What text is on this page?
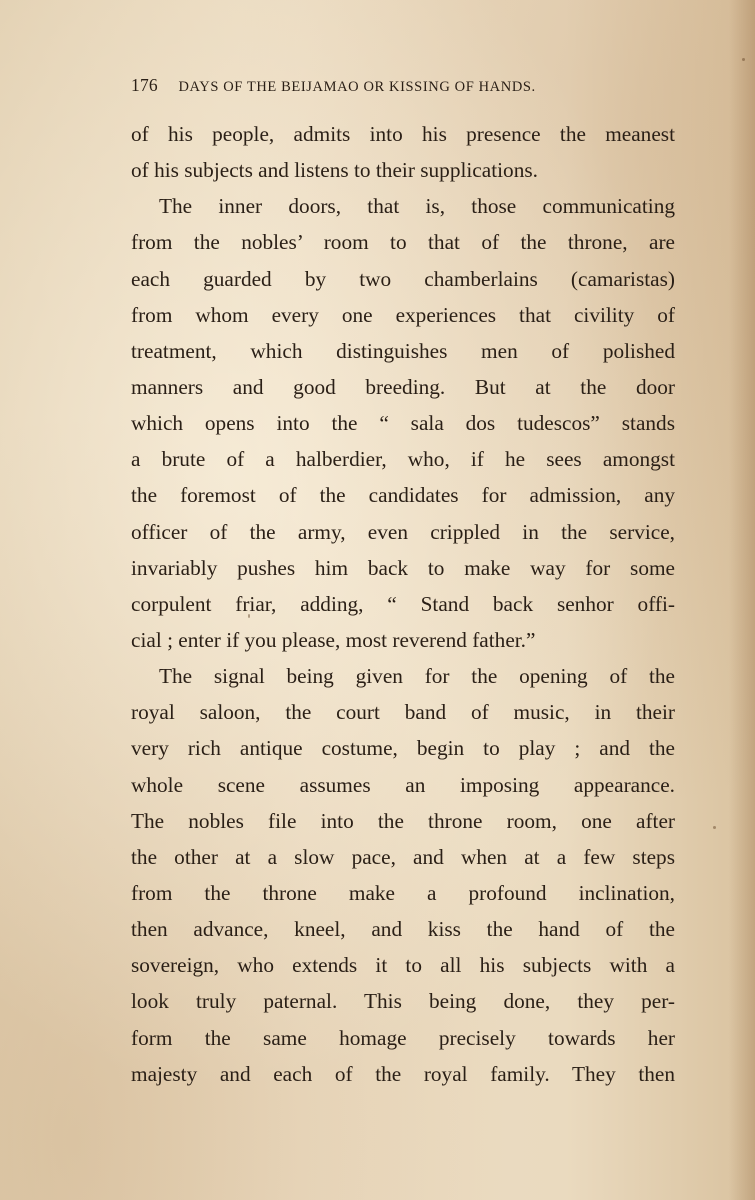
176 DAYS OF THE BEIJAMAO OR KISSING OF HANDS.
of his people, admits into his presence the meanest
of his subjects and listens to their supplications.
The inner doors, that is, those communicating
from the nobles’ room to that of the throne, are
each guarded by two chamberlains (camaristas)
from whom every one experiences that civility of
treatment, which distinguishes men of polished
manners and good breeding. But at the door
which opens into the “ sala dos tudescos” stands
a brute of a halberdier, who, if he sees amongst
the foremost of the candidates for admission, any
officer of the army, even crippled in the service,
invariably pushes him back to make way for some
corpulent friar, adding, “ Stand back senhor offi-
cial ; enter if you please, most reverend father.”
The signal being given for the opening of the
royal saloon, the court band of music, in their
very rich antique costume, begin to play ; and the
whole scene assumes an imposing appearance.
The nobles file into the throne room, one after
the other at a slow pace, and when at a few steps
from the throne make a profound inclination,
then advance, kneel, and kiss the hand of the
sovereign, who extends it to all his subjects with a
look truly paternal. This being done, they per-
form the same homage precisely towards her
majesty and each of the royal family. They then
